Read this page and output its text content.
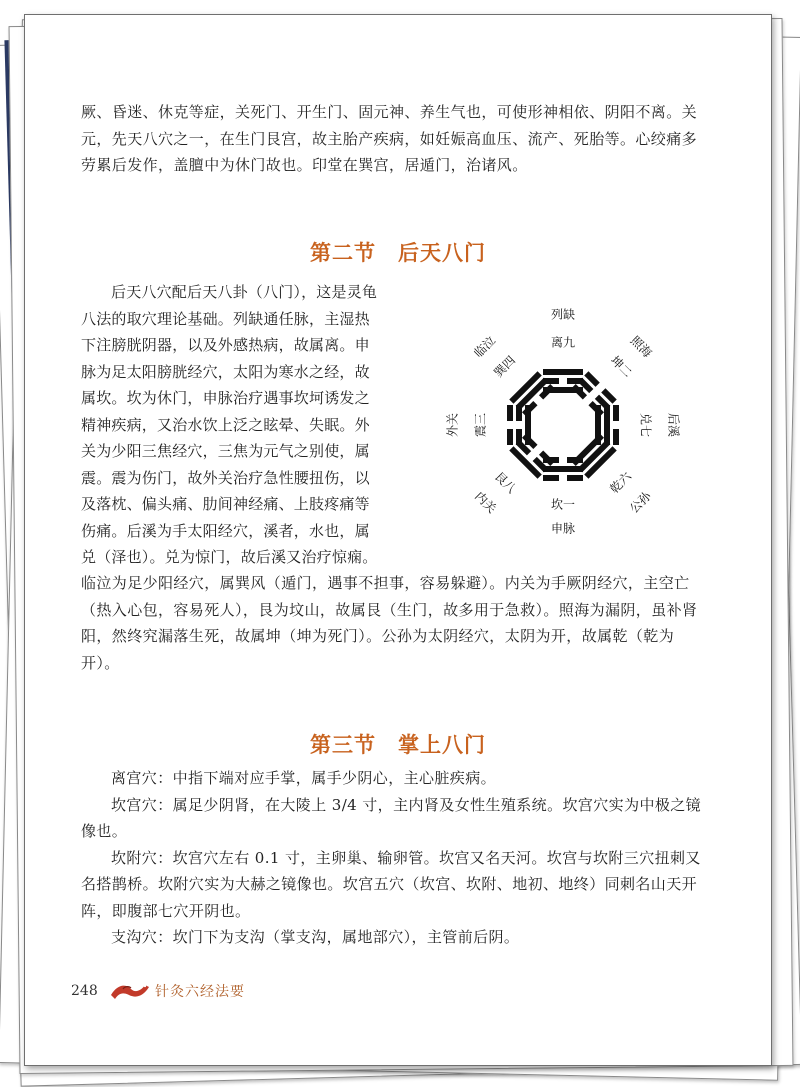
厥、昏迷、休克等症，关死门、开生门、固元神、养生气也，可使形神相依、阴阳不离。关元，先天八穴之一，在生门艮宫，故主胎产疾病，如妊娠高血压、流产、死胎等。心绞痛多劳累后发作，盖膻中为休门故也。印堂在巽宫，居遁门，治诸风。

第二节 后天八门
后天八穴配后天八卦（八门），这是灵龟
八法的取穴理论基础。列缺通任脉，主湿热
下注膀胱阴器，以及外感热病，故属离。申
脉为足太阳膀胱经穴，太阳为寒水之经，故
属坎。坎为休门，申脉治疗遇事坎坷诱发之
精神疾病，又治水饮上泛之眩晕、失眠。外
关为少阳三焦经穴，三焦为元气之别使，属
震。震为伤门，故外关治疗急性腰扭伤，以
及落枕、偏头痛、肋间神经痛、上肢疼痛等
伤痛。后溪为手太阳经穴，溪者，水也，属
兑（泽也）。兑为惊门，故后溪又治疗惊痫。

临泣为足少阳经穴，属巽风（遁门，遇事不担事，容易躲避）。内关为手厥阴经穴，主空亡（热入心包，容易死人），艮为坟山，故属艮（生门，故多用于急救）。照海为漏阴，虽补肾阳，然终究漏落生死，故属坤（坤为死门）。公孙为太阴经穴，太阴为开，故属乾（乾为开）。

离九
列缺
坤二
照海
兑七 后溪
乾六
公孙
坎一
申脉
艮八
内关
震三
外关
巽四
临泣
第三节 掌上八门

离宫穴：中指下端对应手掌，属手少阴心，主心脏疾病。

坎宫穴：属足少阴肾，在大陵上 3/4 寸，主内肾及女性生殖系统。坎宫穴实为中极之镜像也。

坎附穴：坎宫穴左右 0.1 寸，主卵巢、输卵管。坎宫又名天河。坎宫与坎附三穴扭刺又名搭鹊桥。坎附穴实为大赫之镜像也。坎宫五穴（坎宫、坎附、地初、地终）同刺名山天开阵，即腹部七穴开阴也。

支沟穴：坎门下为支沟（掌支沟，属地部穴），主管前后阴。

248	针灸六经法要
